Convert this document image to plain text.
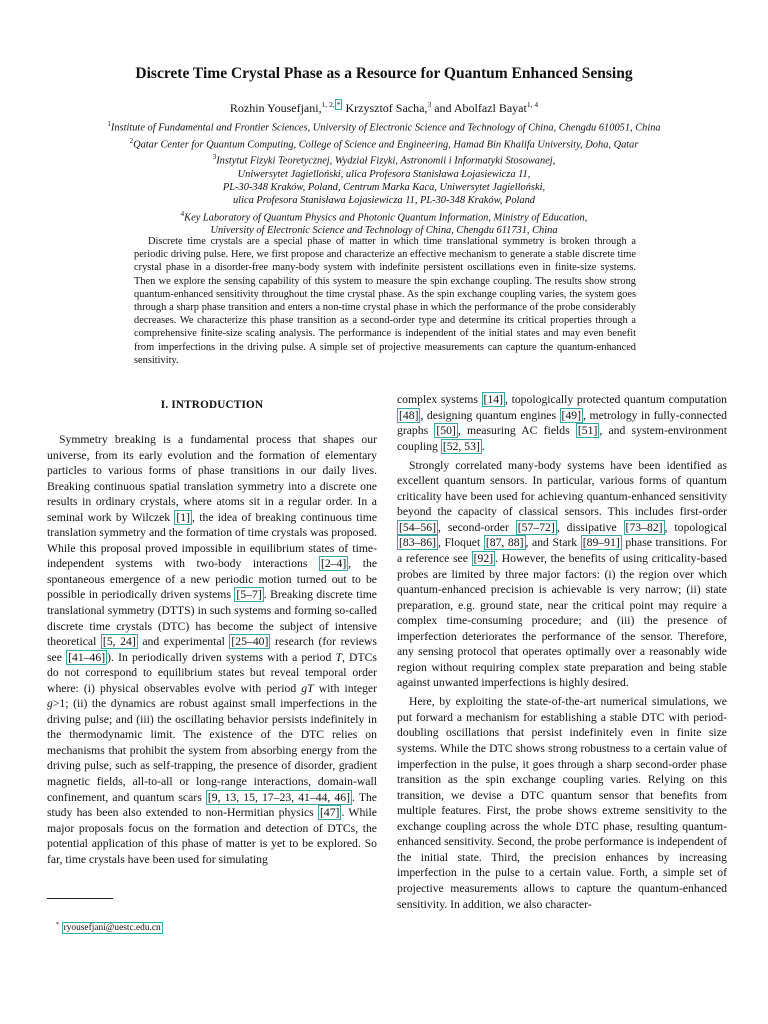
Discrete Time Crystal Phase as a Resource for Quantum Enhanced Sensing
Rozhin Yousefjani,$^{1, 2,}$ * Krzysztof Sacha,$^3$ and Abolfazl Bayat$^{1, 4}$
$^1$Institute of Fundamental and Frontier Sciences, University of Electronic Science and Technology of China, Chengdu 610051, China
$^2$Qatar Center for Quantum Computing, College of Science and Engineering, Hamad Bin Khalifa University, Doha, Qatar
$^3$Instytut Fizyki Teoretycznej, Wydział Fizyki, Astronomii i Informatyki Stosowanej,
Uniwersytet Jagielloński, ulica Profesora Stanisława Łojasiewicza 11,
PL-30-348 Kraków, Poland, Centrum Marka Kaca, Uniwersytet Jagielloński,
ulica Profesora Stanisława Łojasiewicza 11, PL-30-348 Kraków, Poland
$^4$Key Laboratory of Quantum Physics and Photonic Quantum Information, Ministry of Education,
University of Electronic Science and Technology of China, Chengdu 611731, China

Discrete time crystals are a special phase of matter in which time translational symmetry is broken through a periodic driving pulse. Here, we first propose and characterize an effective mechanism to generate a stable discrete time crystal phase in a disorder-free many-body system with indefinite persistent oscillations even in finite-size systems. Then we explore the sensing capability of this system to measure the spin exchange coupling. The results show strong quantum-enhanced sensitivity throughout the time crystal phase. As the spin exchange coupling varies, the system goes through a sharp phase transition and enters a non-time crystal phase in which the performance of the probe considerably decreases. We characterize this phase transition as a second-order type and determine its critical properties through a comprehensive finite-size scaling analysis. The performance is independent of the initial states and may even benefit from imperfections in the driving pulse. A simple set of projective measurements can capture the quantum-enhanced sensitivity.

I. INTRODUCTION

Symmetry breaking is a fundamental process that shapes our universe, from its early evolution and the formation of elementary particles to various forms of phase transitions in our daily lives. Breaking continuous spatial translation symmetry into a discrete one results in ordinary crystals, where atoms sit in a regular order. In a seminal work by Wilczek [1] , the idea of breaking continuous time translation symmetry and the formation of time crystals was proposed. While this proposal proved impossible in equilibrium states of time-independent systems with two-body interactions [2–4] , the spontaneous emergence of a new periodic motion turned out to be possible in periodically driven systems [5–7] . Breaking discrete time translational symmetry (DTTS) in such systems and forming so-called discrete time crystals (DTC) has become the subject of intensive theoretical [5, 24] and experimental [25–40] research (for reviews see [41–46] ). In periodically driven systems with a period T, DTCs do not correspond to equilibrium states but reveal temporal order where: (i) physical observables evolve with period gT with integer g>1; (ii) the dynamics are robust against small imperfections in the driving pulse; and (iii) the oscillating behavior persists indefinitely in the thermodynamic limit. The existence of the DTC relies on mechanisms that prohibit the system from absorbing energy from the driving pulse, such as self-trapping, the presence of disorder, gradient magnetic fields, all-to-all or long-range interactions, domain-wall confinement, and quantum scars [9, 13, 15, 17–23, 41–44, 46] . The study has been also extended to non-Hermitian physics [47] . While major proposals focus on the formation and detection of DTCs, the potential application of this phase of matter is yet to be explored. So far, time crystals have been used for simulating

complex systems [14] , topologically protected quantum computation [48] , designing quantum engines [49] , metrology in fully-connected graphs [50] , measuring AC fields [51] , and system-environment coupling [52, 53] .

Strongly correlated many-body systems have been identified as excellent quantum sensors. In particular, various forms of quantum criticality have been used for achieving quantum-enhanced sensitivity beyond the capacity of classical sensors. This includes first-order [54–56] , second-order [57–72] , dissipative [73–82] , topological [83–86] , Floquet [87, 88] , and Stark [89–91] phase transitions. For a reference see [92] . However, the benefits of using criticality-based probes are limited by three major factors: (i) the region over which quantum-enhanced precision is achievable is very narrow; (ii) state preparation, e.g. ground state, near the critical point may require a complex time-consuming procedure; and (iii) the presence of imperfection deteriorates the performance of the sensor. Therefore, any sensing protocol that operates optimally over a reasonably wide region without requiring complex state preparation and being stable against unwanted imperfections is highly desired.

Here, by exploiting the state-of-the-art numerical simulations, we put forward a mechanism for establishing a stable DTC with period-doubling oscillations that persist indefinitely even in finite size systems. While the DTC shows strong robustness to a certain value of imperfection in the pulse, it goes through a sharp second-order phase transition as the spin exchange coupling varies. Relying on this transition, we devise a DTC quantum sensor that benefits from multiple features. First, the probe shows extreme sensitivity to the exchange coupling across the whole DTC phase, resulting quantum-enhanced sensitivity. Second, the probe performance is independent of the initial state. Third, the precision enhances by increasing imperfection in the pulse to a certain value. Forth, a simple set of projective measurements allows to capture the quantum-enhanced sensitivity. In addition, we also character-

* ryousefjani@uestc.edu.cn
